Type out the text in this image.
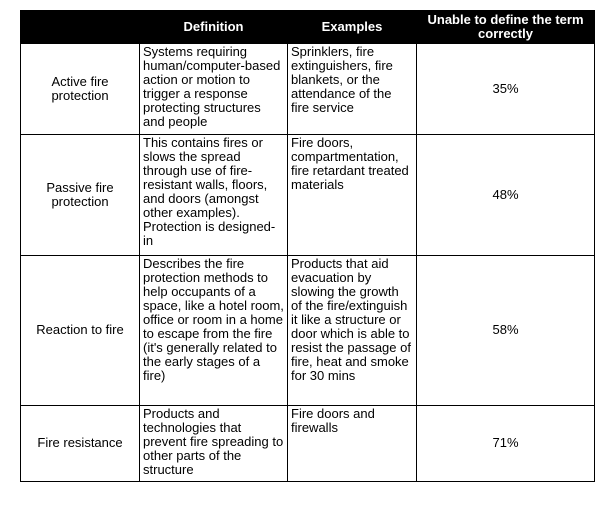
	Definition	Examples	Unable to define the term correctly
Active fire protection	Systems requiring human/computer-based action or motion to trigger a response protecting structures and people	Sprinklers, fire extinguishers, fire blankets, or the attendance of the fire service	35%
Passive fire protection	This contains fires or slows the spread through use of fire-resistant walls, floors, and doors (amongst other examples). Protection is designed-in	Fire doors, compartmentation, fire retardant treated materials	48%
Reaction to fire	Describes the fire protection methods to help occupants of a space, like a hotel room, office or room in a home to escape from the fire (it's generally related to the early stages of a fire)	Products that aid evacuation by slowing the growth of the fire/extinguish it like a structure or door which is able to resist the passage of fire, heat and smoke for 30 mins	58%
Fire resistance	Products and technologies that prevent fire spreading to other parts of the structure	Fire doors and firewalls	71%
